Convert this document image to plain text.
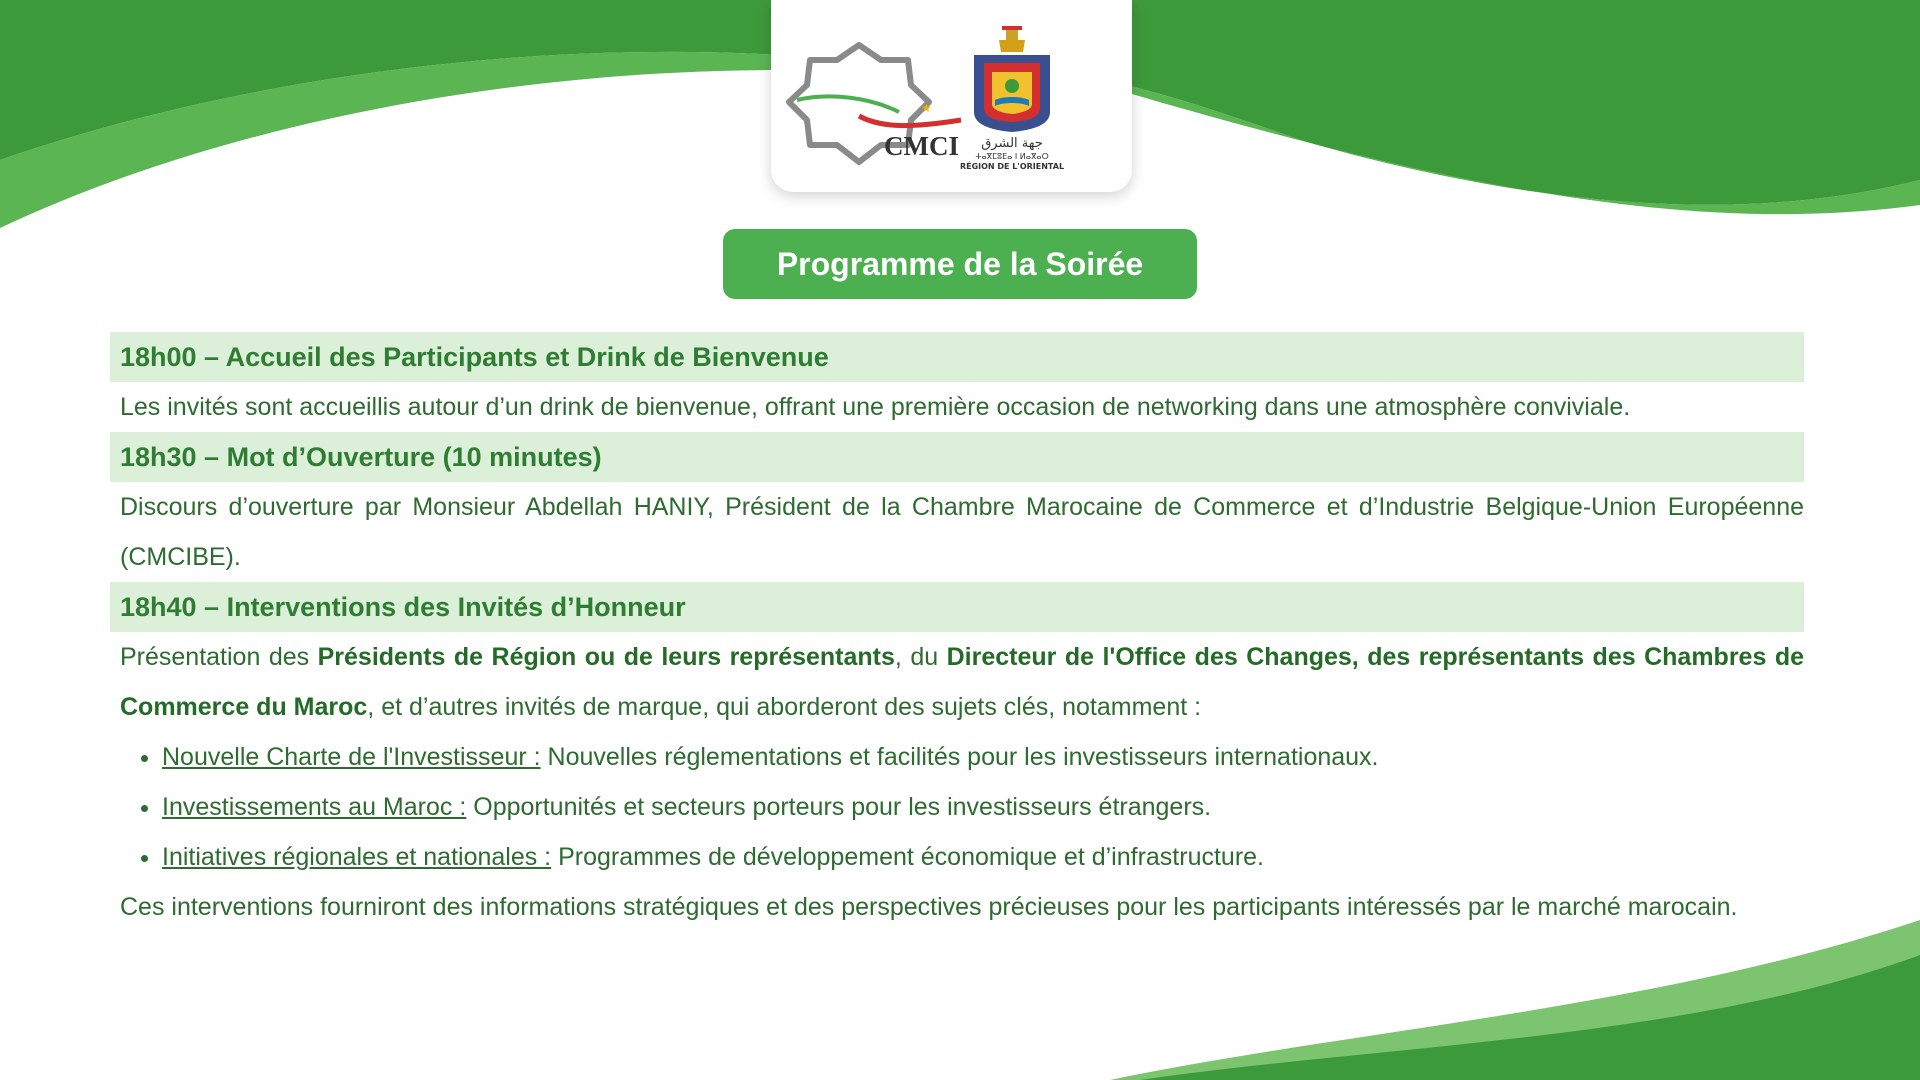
★
CMCI جهة الشرق
ⵜⴰⴳⵎⵓⴹⴰ ⵏ ⵍⴰⴳⴰⵔ
RÉGION DE L'ORIENTAL
Programme de la Soirée
18h00 – Accueil des Participants et Drink de Bienvenue
Les invités sont accueillis autour d’un drink de bienvenue, offrant une première occasion de networking dans une atmosphère conviviale.
18h30 – Mot d’Ouverture (10 minutes)
Discours d’ouverture par Monsieur Abdellah HANIY, Président de la Chambre Marocaine de Commerce et d’Industrie Belgique-Union Européenne (CMCIBE).
18h40 – Interventions des Invités d’Honneur
Présentation des Présidents de Région ou de leurs représentants, du Directeur de l'Office des Changes, des représentants des Chambres de Commerce du Maroc, et d’autres invités de marque, qui aborderont des sujets clés, notamment :
• Nouvelle Charte de l'Investisseur : Nouvelles réglementations et facilités pour les investisseurs internationaux.
• Investissements au Maroc : Opportunités et secteurs porteurs pour les investisseurs étrangers.
• Initiatives régionales et nationales : Programmes de développement économique et d’infrastructure.
Ces interventions fourniront des informations stratégiques et des perspectives précieuses pour les participants intéressés par le marché marocain.
